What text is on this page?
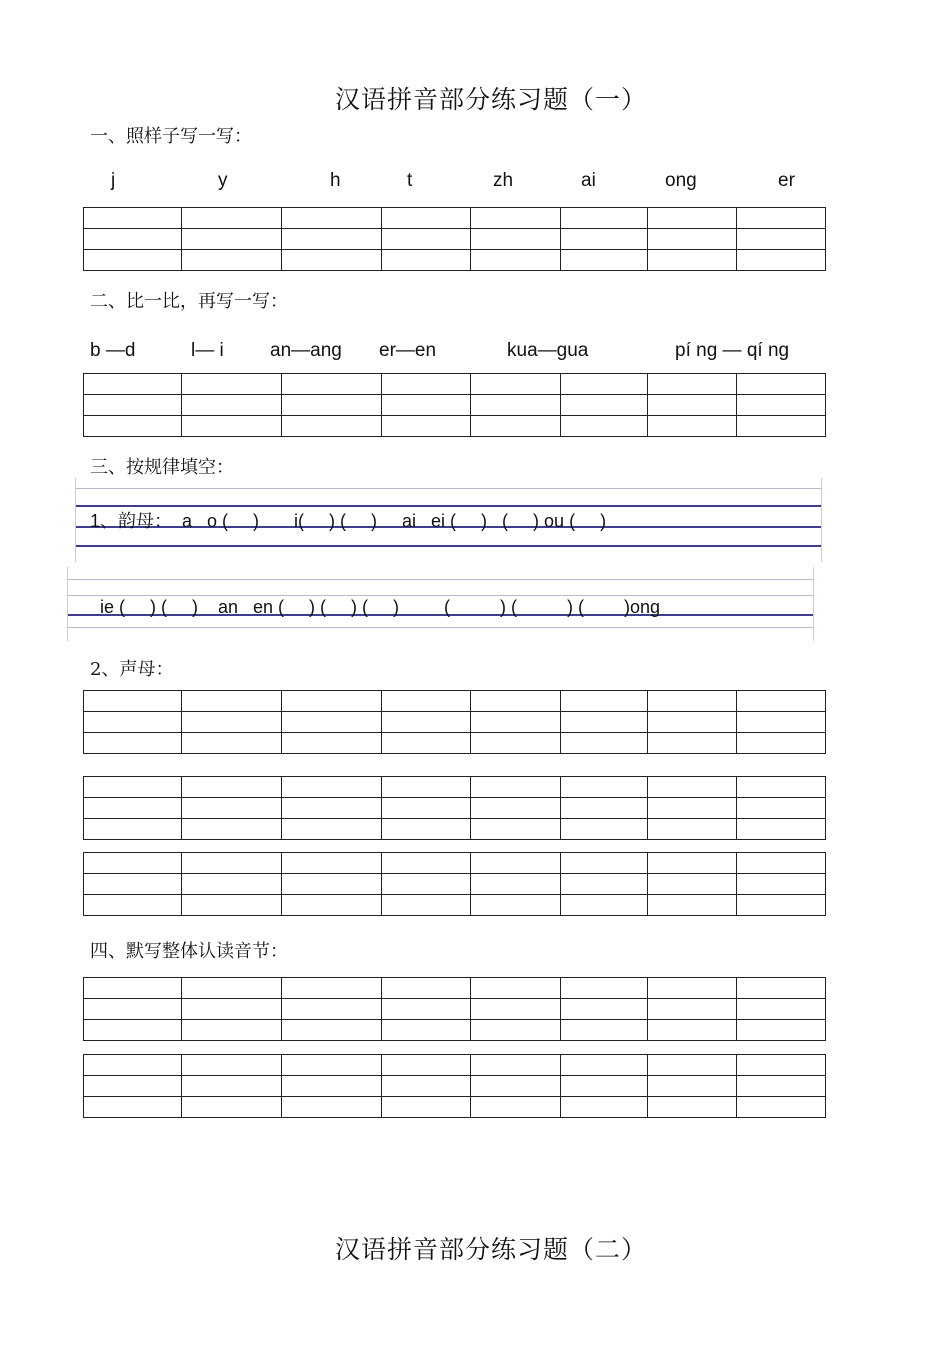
汉语拼音部分练习题（一）
一、照样子写一写：
j	y	h	t	zh	ai	ong	er

二、比一比，再写一写：
b —d	l— i an—ang er—en	kua—gua	pí ng — qí ng

三、按规律填空：
1、韵母：  a   o (     )       i(     ) (     )     ai   ei (     )   (     ) ou (     )
ie (     ) (     )    an   en (     ) (     ) (     )         (          ) (          ) (        )ong
2、声母：

四、默写整体认读音节：

汉语拼音部分练习题（二）
